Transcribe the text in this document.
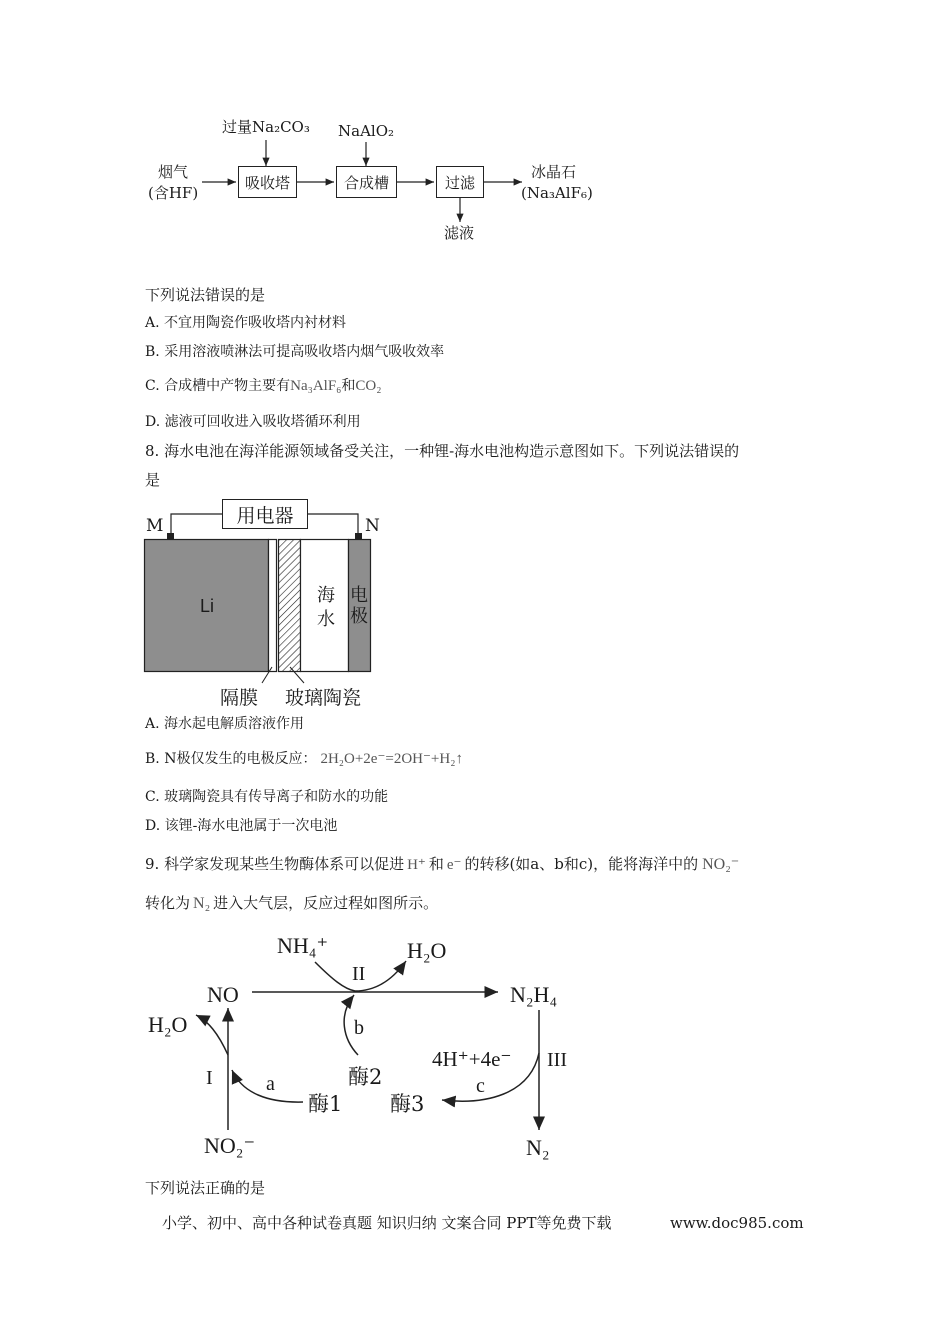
过量Na₂CO₃ NaAlO₂
烟气
(含HF)
吸收塔	合成槽	过滤
冰晶石
(Na₃AlF₆)
滤液
下列说法错误的是
A. 不宜用陶瓷作吸收塔内衬材料
B. 采用溶液喷淋法可提高吸收塔内烟气吸收效率
C. 合成槽中产物主要有Na₃AlF₆和CO₂
D. 滤液可回收进入吸收塔循环利用
8. 海水电池在海洋能源领域备受关注，一种锂-海水电池构造示意图如下。下列说法错误的
是
用电器
M	N
Li	海
水
电
极
隔膜 玻璃陶瓷
A. 海水起电解质溶液作用
B. N极仅发生的电极反应： 2H₂O+2e⁻=2OH⁻+H₂↑
C. 玻璃陶瓷具有传导离子和防水的功能
D. 该锂-海水电池属于一次电池
9. 科学家发现某些生物酶体系可以促进 H⁺ 和 e⁻ 的转移(如a、b和c)，能将海洋中的 NO₂⁻
转化为 N₂ 进入大气层，反应过程如图所示。
NH₄⁺	H₂O
NO	N₂H₄
H₂O
II
I
III
a
b
c
酶1
酶2
酶3
4H⁺+4e⁻
NO₂⁻	N₂
下列说法正确的是
小学、初中、高中各种试卷真题 知识归纳 文案合同 PPT等免费下载	www.doc985.com
